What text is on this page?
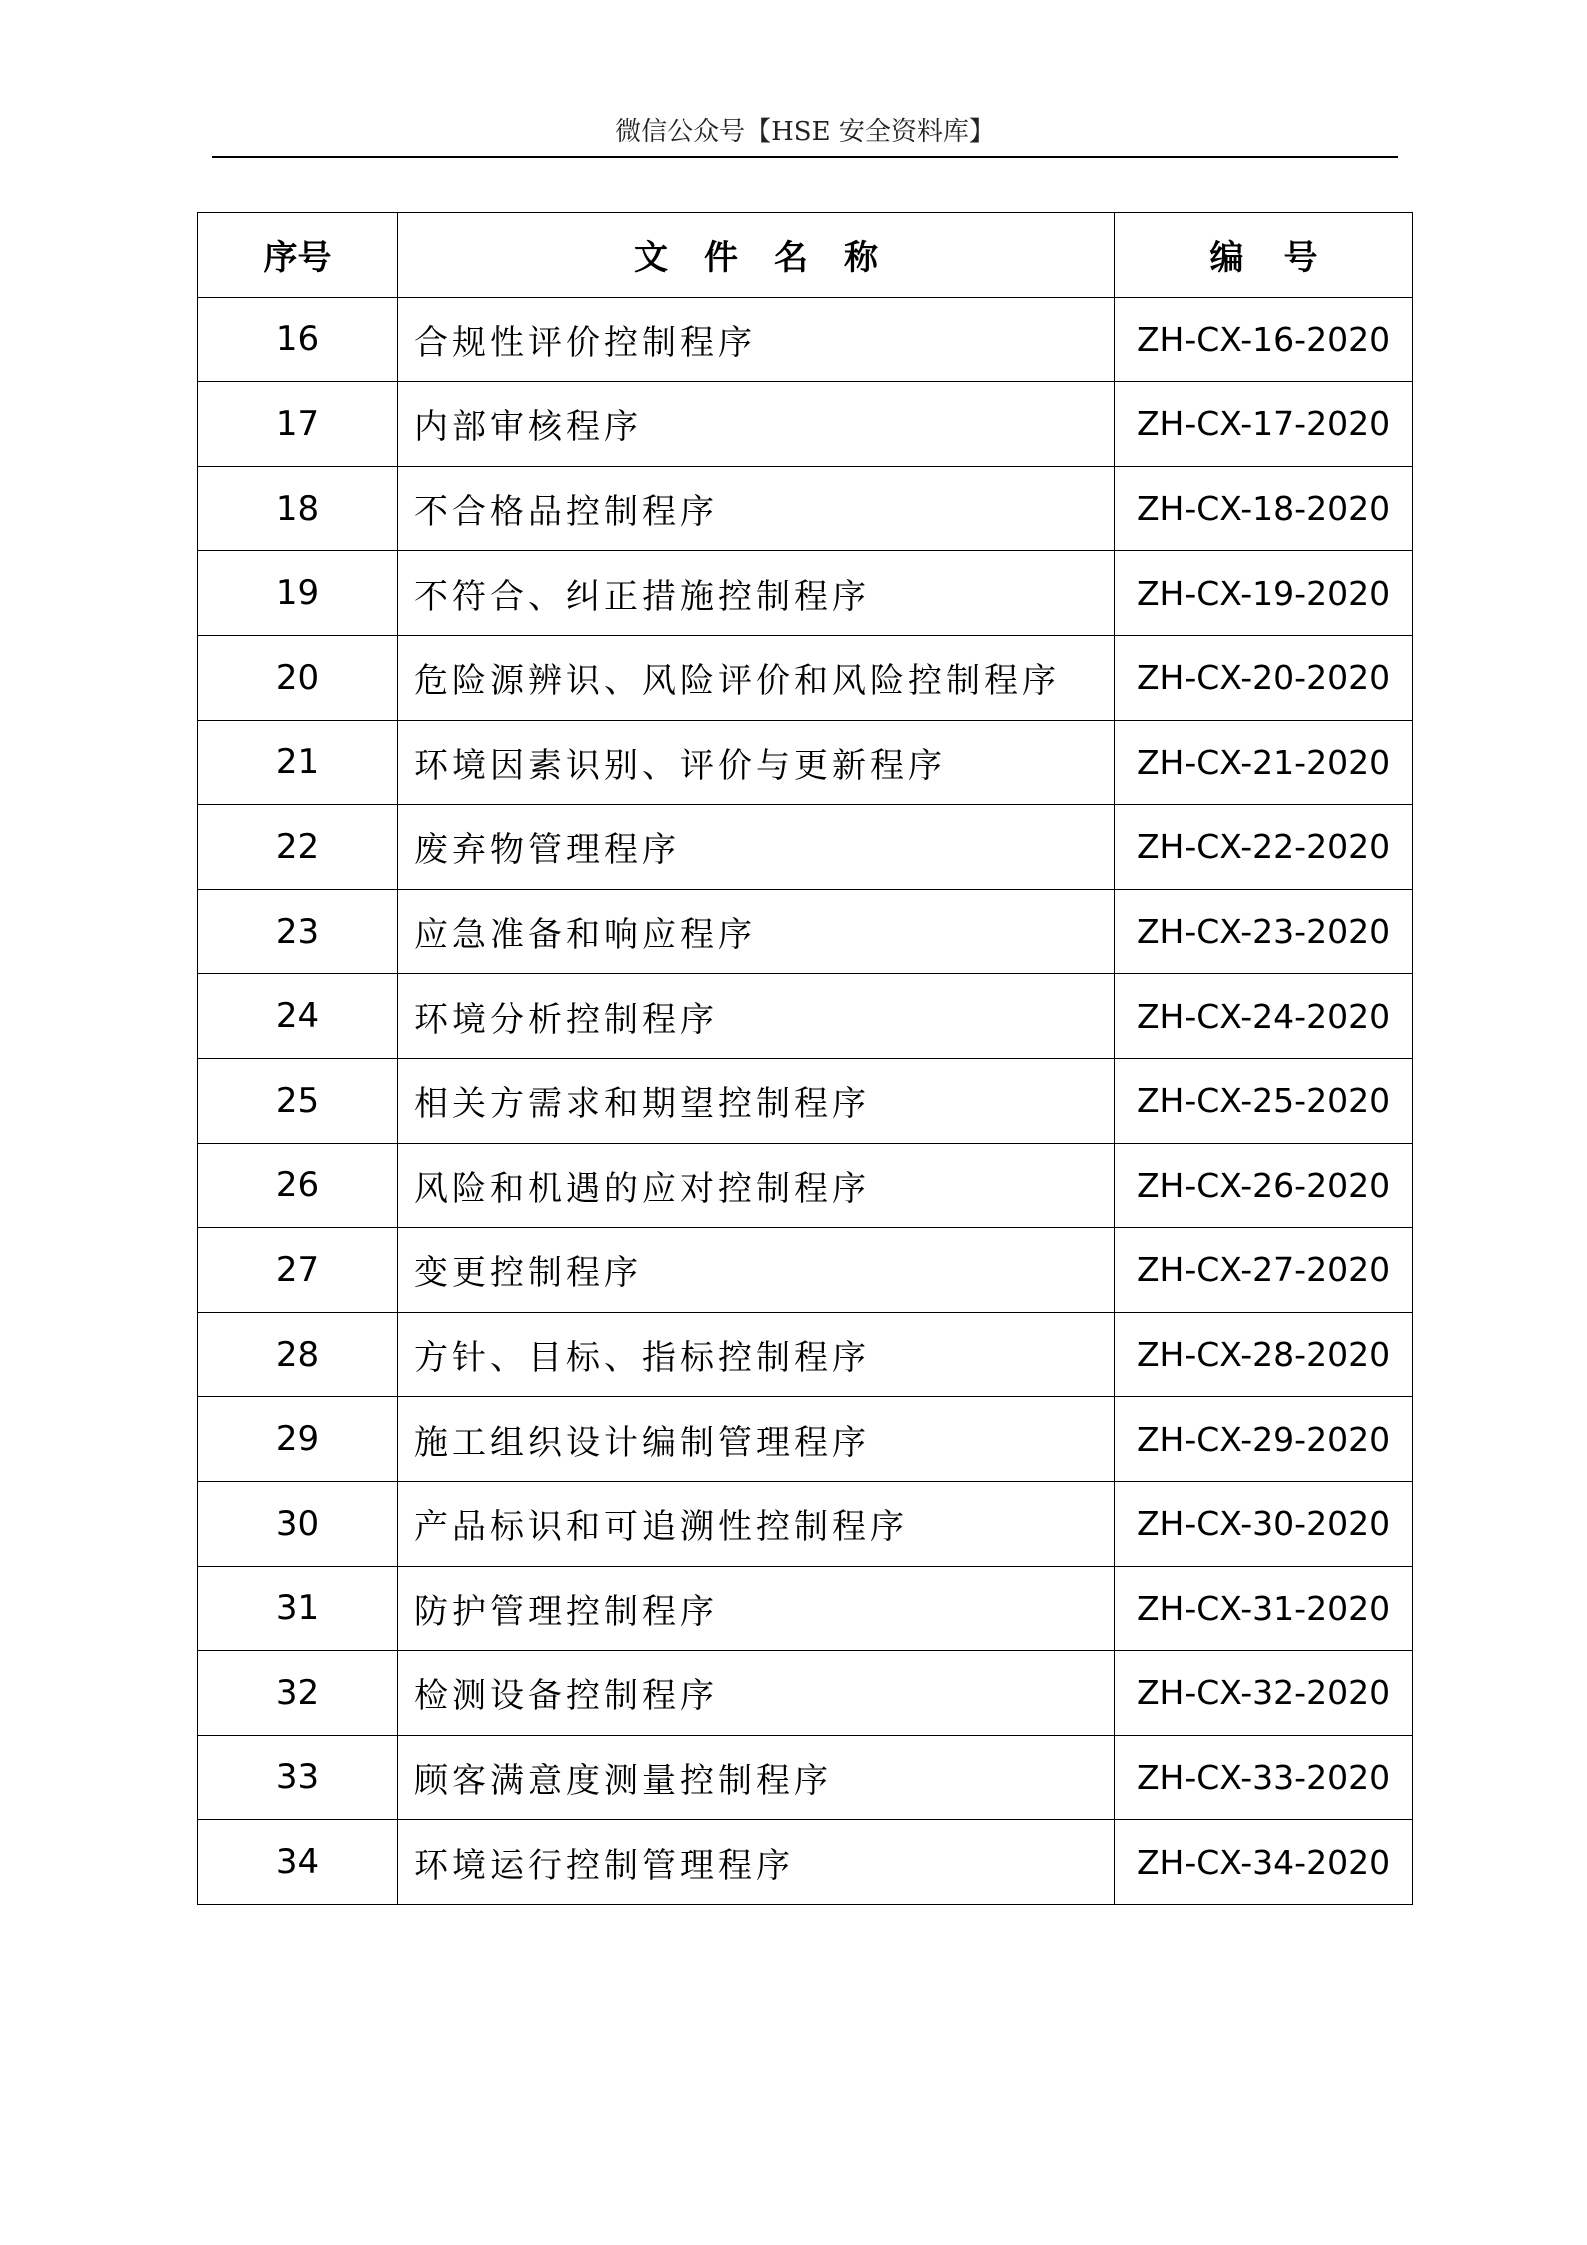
微信公众号【HSE 安全资料库】
序号	文件名称	编号
16	合规性评价控制程序	ZH-CX-16-2020
17	内部审核程序	ZH-CX-17-2020
18	不合格品控制程序	ZH-CX-18-2020
19	不符合、纠正措施控制程序	ZH-CX-19-2020
20	危险源辨识、风险评价和风险控制程序	ZH-CX-20-2020
21	环境因素识别、评价与更新程序	ZH-CX-21-2020
22	废弃物管理程序	ZH-CX-22-2020
23	应急准备和响应程序	ZH-CX-23-2020
24	环境分析控制程序	ZH-CX-24-2020
25	相关方需求和期望控制程序	ZH-CX-25-2020
26	风险和机遇的应对控制程序	ZH-CX-26-2020
27	变更控制程序	ZH-CX-27-2020
28	方针、目标、指标控制程序	ZH-CX-28-2020
29	施工组织设计编制管理程序	ZH-CX-29-2020
30	产品标识和可追溯性控制程序	ZH-CX-30-2020
31	防护管理控制程序	ZH-CX-31-2020
32	检测设备控制程序	ZH-CX-32-2020
33	顾客满意度测量控制程序	ZH-CX-33-2020
34	环境运行控制管理程序	ZH-CX-34-2020
